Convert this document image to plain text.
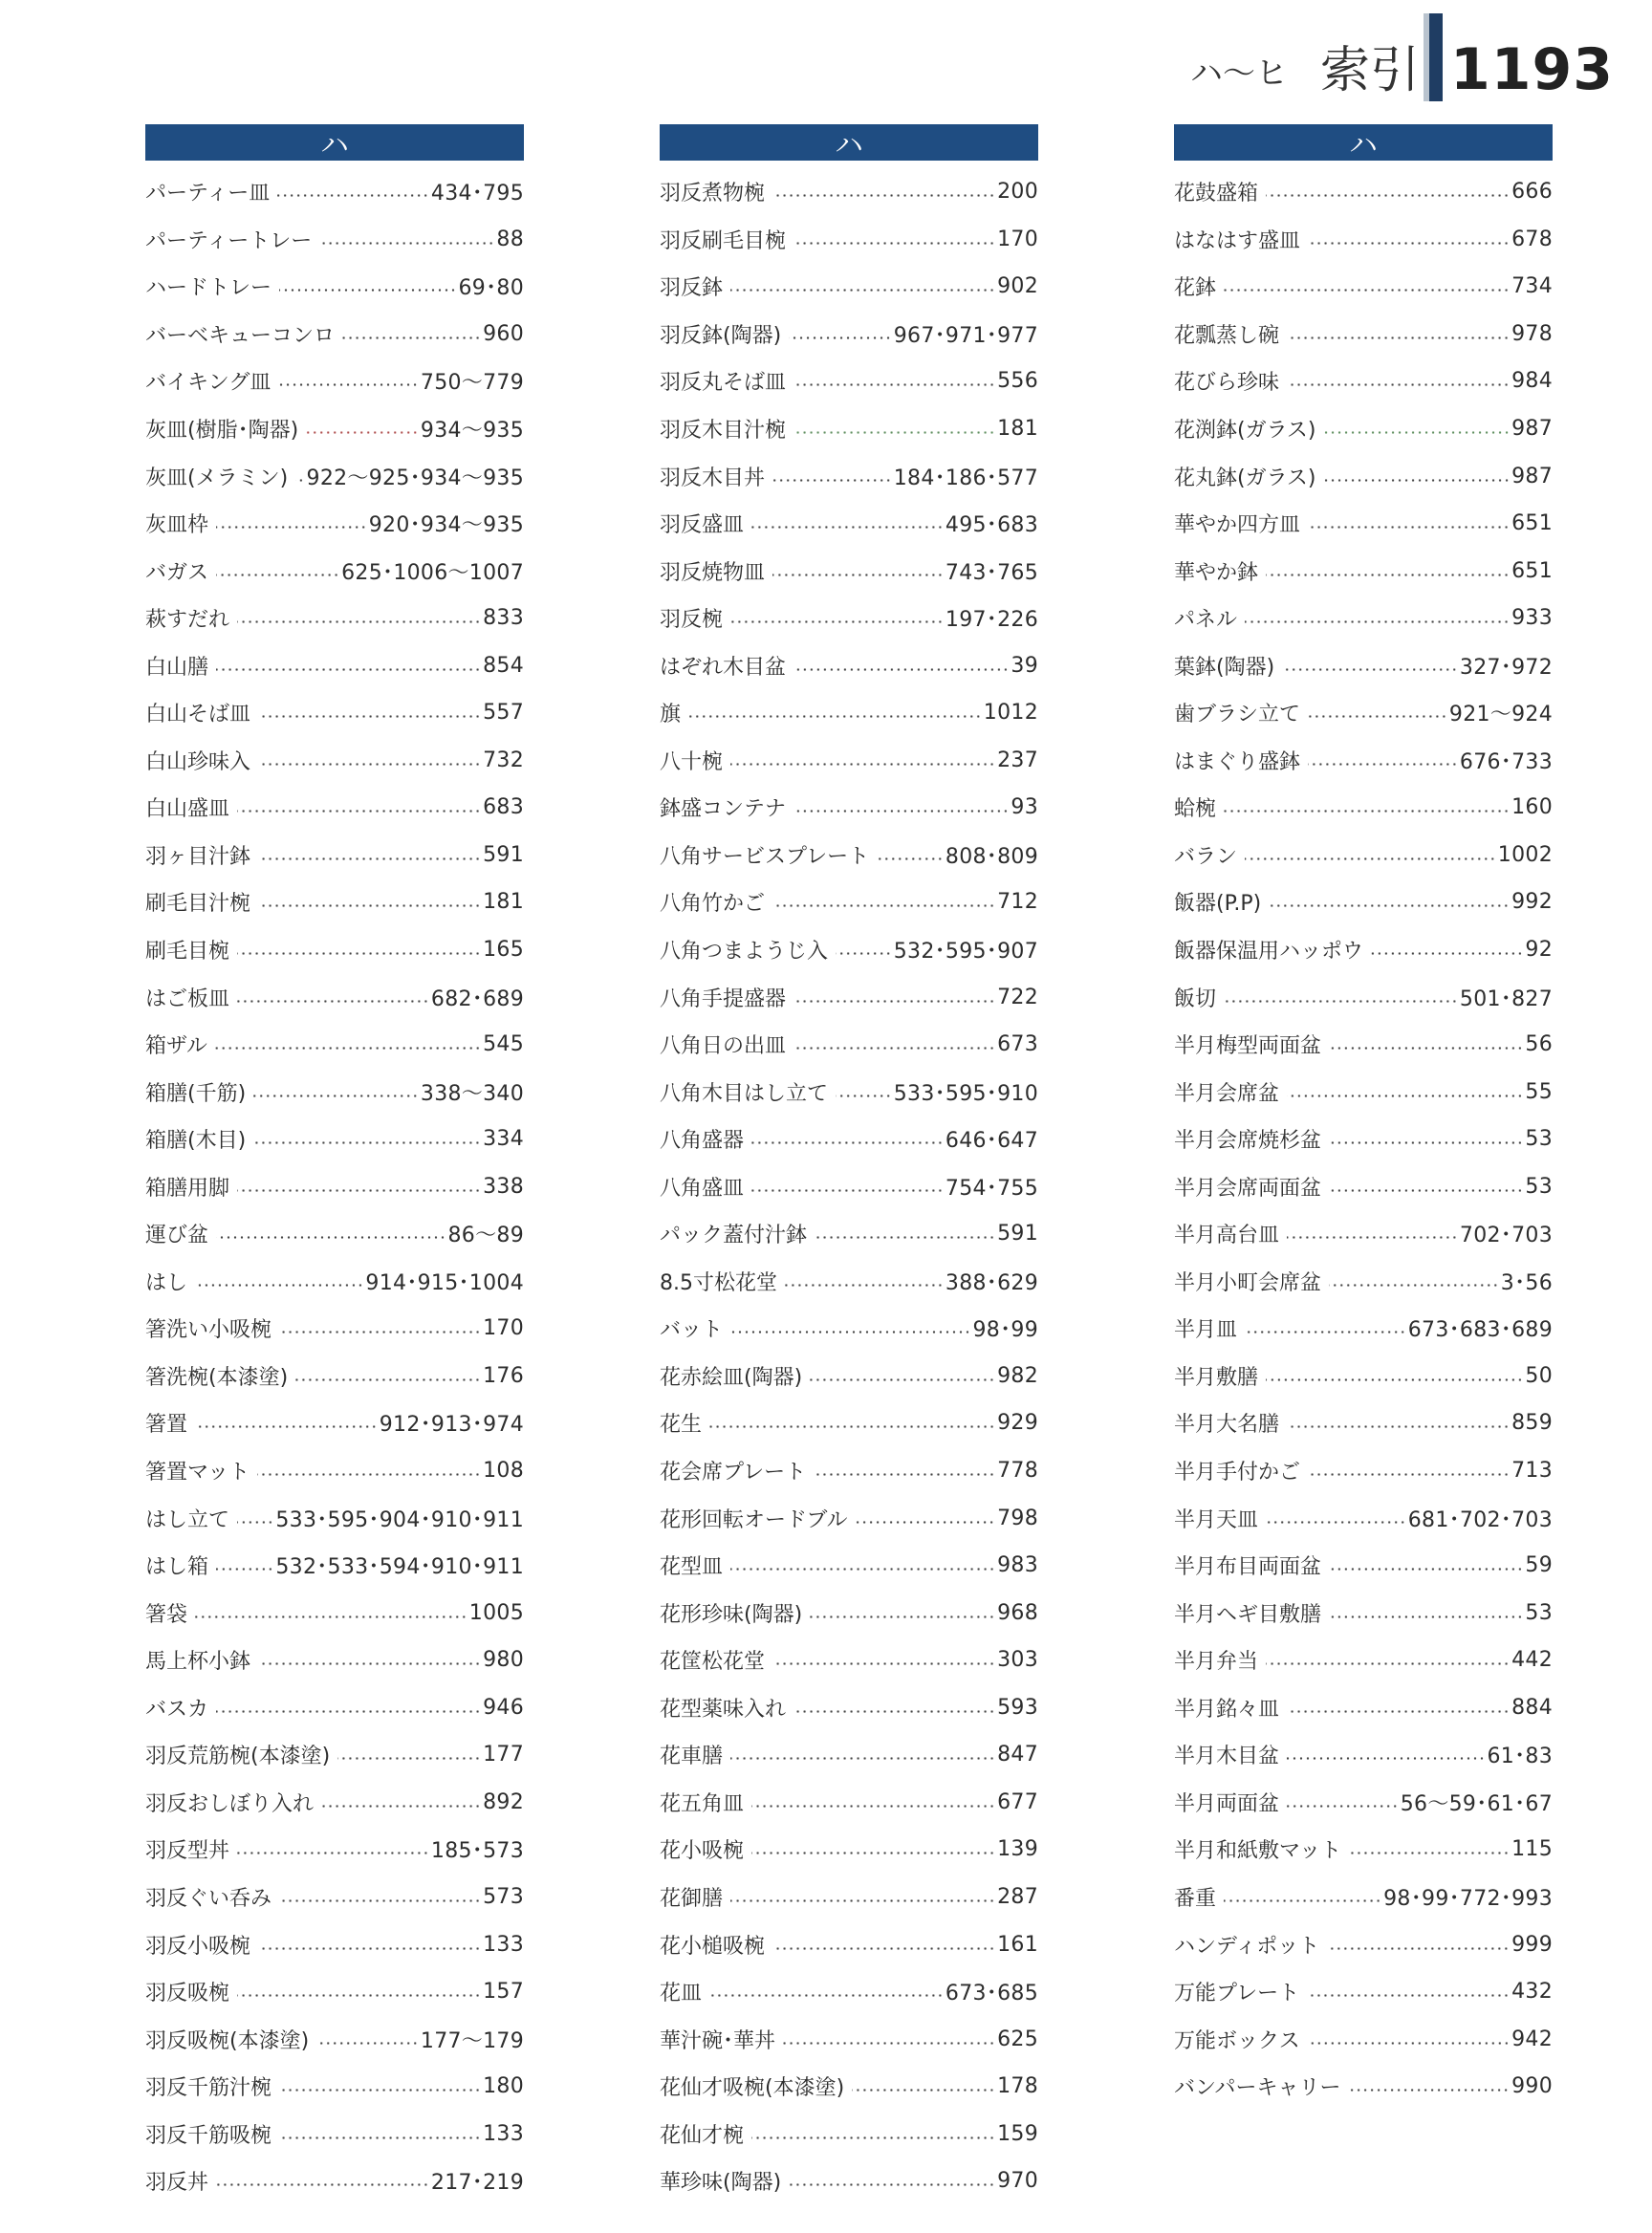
ハ〜ヒ 索引 1193
ハ
パーティー皿	434･795
パーティートレー	88
ハードトレー	69･80
バーベキューコンロ	960
バイキング皿	750〜779
灰皿(樹脂･陶器)	934〜935
灰皿(メラミン) 922〜925･934〜935
灰皿枠	920･934〜935
バガス	625･1006〜1007
萩すだれ	833
白山膳	854
白山そば皿	557
白山珍味入	732
白山盛皿	683
羽ヶ目汁鉢	591
刷毛目汁椀	181
刷毛目椀	165
はご板皿	682･689
箱ザル	545
箱膳(千筋)	338〜340
箱膳(木目)	334
箱膳用脚	338
運び盆	86〜89
はし	914･915･1004
箸洗い小吸椀	170
箸洗椀(本漆塗)	176
箸置	912･913･974
箸置マット	108
はし立て 533･595･904･910･911
はし箱	532･533･594･910･911
箸袋	1005
馬上杯小鉢	980
バスカ	946
羽反荒筋椀(本漆塗)	177
羽反おしぼり入れ	892
羽反型丼	185･573
羽反ぐい呑み	573
羽反小吸椀	133
羽反吸椀	157
羽反吸椀(本漆塗)	177〜179
羽反千筋汁椀	180
羽反千筋吸椀	133
羽反丼	217･219
ハ
羽反煮物椀	200
羽反刷毛目椀	170
羽反鉢	902
羽反鉢(陶器)	967･971･977
羽反丸そば皿	556
羽反木目汁椀	181
羽反木目丼	184･186･577
羽反盛皿	495･683
羽反焼物皿	743･765
羽反椀	197･226
はぞれ木目盆	39
旗	1012
八十椀	237
鉢盛コンテナ	93
八角サービスプレート	808･809
八角竹かご	712
八角つまようじ入	532･595･907
八角手提盛器	722
八角日の出皿	673
八角木目はし立て	533･595･910
八角盛器	646･647
八角盛皿	754･755
パック蓋付汁鉢	591
8.5寸松花堂	388･629
バット	98･99
花赤絵皿(陶器)	982
花生	929
花会席プレート	778
花形回転オードブル	798
花型皿	983
花形珍味(陶器)	968
花筐松花堂	303
花型薬味入れ	593
花車膳	847
花五角皿	677
花小吸椀	139
花御膳	287
花小槌吸椀	161
花皿	673･685
華汁碗･華丼	625
花仙才吸椀(本漆塗)	178
花仙才椀	159
華珍味(陶器)	970
ハ
花鼓盛箱	666
はなはす盛皿	678
花鉢	734
花瓢蒸し碗	978
花びら珍味	984
花渕鉢(ガラス)	987
花丸鉢(ガラス)	987
華やか四方皿	651
華やか鉢	651
パネル	933
葉鉢(陶器)	327･972
歯ブラシ立て	921〜924
はまぐり盛鉢	676･733
蛤椀	160
バラン	1002
飯器(P.P)	992
飯器保温用ハッポウ	92
飯切	501･827
半月梅型両面盆	56
半月会席盆	55
半月会席焼杉盆	53
半月会席両面盆	53
半月高台皿	702･703
半月小町会席盆	3･56
半月皿	673･683･689
半月敷膳	50
半月大名膳	859
半月手付かご	713
半月天皿	681･702･703
半月布目両面盆	59
半月ヘギ目敷膳	53
半月弁当	442
半月銘々皿	884
半月木目盆	61･83
半月両面盆	56〜59･61･67
半月和紙敷マット	115
番重	98･99･772･993
ハンディポット	999
万能プレート	432
万能ボックス	942
バンパーキャリー	990
